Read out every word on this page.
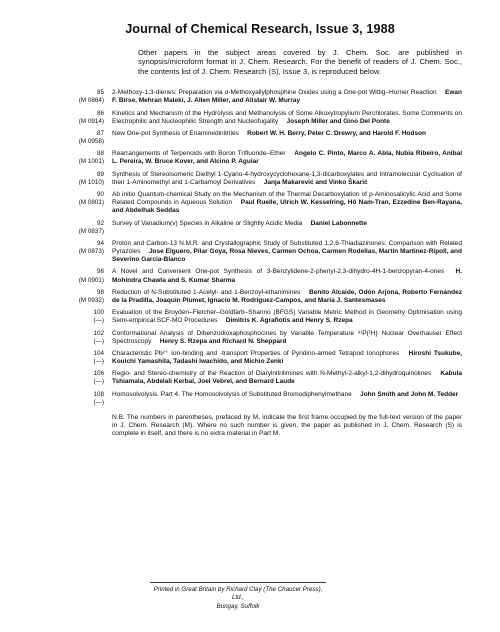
Journal of Chemical Research, Issue 3, 1988

Other papers in the subject areas covered by J. Chem. Soc. are published in synopsis/microform format in J. Chem. Research. For the benefit of readers of J. Chem. Soc., the contents list of J. Chem. Research (S), Issue 3, is reproduced below.

85
(M 0864)
2-Methoxy-1,3-dienes: Preparation via α-Methoxyallylphosphine Oxides using a One-pot Wittig–Horner Reaction  Ewan F. Birse, Mehran Maleki, J. Allen Miller, and Alistair W. Murray
86
(M 0914)
Kinetics and Mechanism of the Hydrolysis and Methanolysis of Some Alkoxytropylium Perchlorates. Some Comments on Electrophilic and Nucleophilic Strength and Nucleofugality  Joseph Miller and Gino Del Ponte
87
(M 0958)
New One-pot Synthesis of Enaminedinitriles  Robert W. H. Berry, Peter C. Drewry, and Harold F. Hodson
88
(M 1001)
Rearrangements of Terpenoids with Boron Trifluoride–Ether  Angelo C. Pinto, Marco A. Abla, Nubia Ribeiro, Anibal L. Pereira, W. Bruce Kover, and Alcino P. Aguiar
89
(M 1010)
Synthesis of Stereoisomeric Diethyl 1-Cyano-4-hydroxycyclohexane-1,3-dicarboxylates and Intramolecular Cyclisation of their 1-Aminomethyl and 1-Carbamoyl Derivatives  Janja Makarević and Vinko Škarić
90
(M 0801)
Ab initio Quantum-chemical Study on the Mechanism of the Thermal Decarboxylation of p-Aminosalicylic Acid and Some Related Compounds in Aqueous Solution  Paul Ruelle, Ulrich W. Kesselring, Hô Nam-Tran, Ezzedine Ben-Rayana, and Abdelhak Seddas
92
(M 0837)
Survey of Vanadium(v) Species in Alkaline or Slightly Acidic Media  Daniel Labonnette
94
(M 0873)
Proton and Carbon-13 N.M.R. and Crystallographic Study of Substituted 1,2,6-Thiadiazinones: Comparison with Related Pyrazoles  Jose Elguero, Pilar Goya, Rosa Nieves, Carmen Ochoa, Carmen Rodellas, Martin Martinez-Ripoll, and Severino Garcia-Blanco
96
(M 0901)
A Novel and Convenient One-pot Synthesis of 3-Benzylidene-2-phenyl-2,3-dihydro-4H-1-benzopyran-4-ones  H. Mohindra Chawla and S. Kumar Sharma
98
(M 0932)
Reduction of N-Substituted 1-Acetyl- and 1-Benzoyl-ethanimines  Benito Alcaide, Odón Arjona, Roberto Fernández de la Pradilla, Joaquin Plumet, Ignacio M. Rodriguez-Campos, and Maria J. Santesmases
100
(—)
Evaluation of the Broyden–Fletcher–Goldfarb–Shanno (BFGS) Variable Metric Method in Geometry Optimisation using Semi-empirical SCF-MO Procedures  Dimitris K. Agrafiotis and Henry S. Rzepa
102
(—)
Conformational Analysis of Dibenzodioxaphosphocines by Variable Temperature ³¹P{¹H} Nuclear Overhauser Effect Spectroscopy  Henry S. Rzepa and Richard N. Sheppard
104
(—)
Characteristic Pb²⁺ Ion-binding and -transport Properties of Pyridino-armed Tetrapod Ionophores  Hiroshi Tsukube, Kouichi Yamashita, Tadashi Iwachido, and Michio Zenki
106
(—)
Regio- and Stereo-chemistry of the Reaction of Diarylnitrilimines with N-Methyl-2-alkyl-1,2-dihydroquinolines  Kabula Tshiamala, Abdelali Kerbal, Joel Vebrel, and Bernard Laude
108
(—)
Homosolvolysis. Part 4. The Homosolvolysis of Substituted Bromodiphenylmethane  John Smith and John M. Tedder

N.B. The numbers in parentheses, prefaced by M, indicate the first frame occupied by the full-text version of the paper in J. Chem. Research (M). Where no such number is given, the paper as published in J. Chem. Research (S) is complete in itself, and there is no extra material in Part M.

Printed in Great Britain by Richard Clay (The Chaucer Press), Ltd.,
Bungay, Suffolk
